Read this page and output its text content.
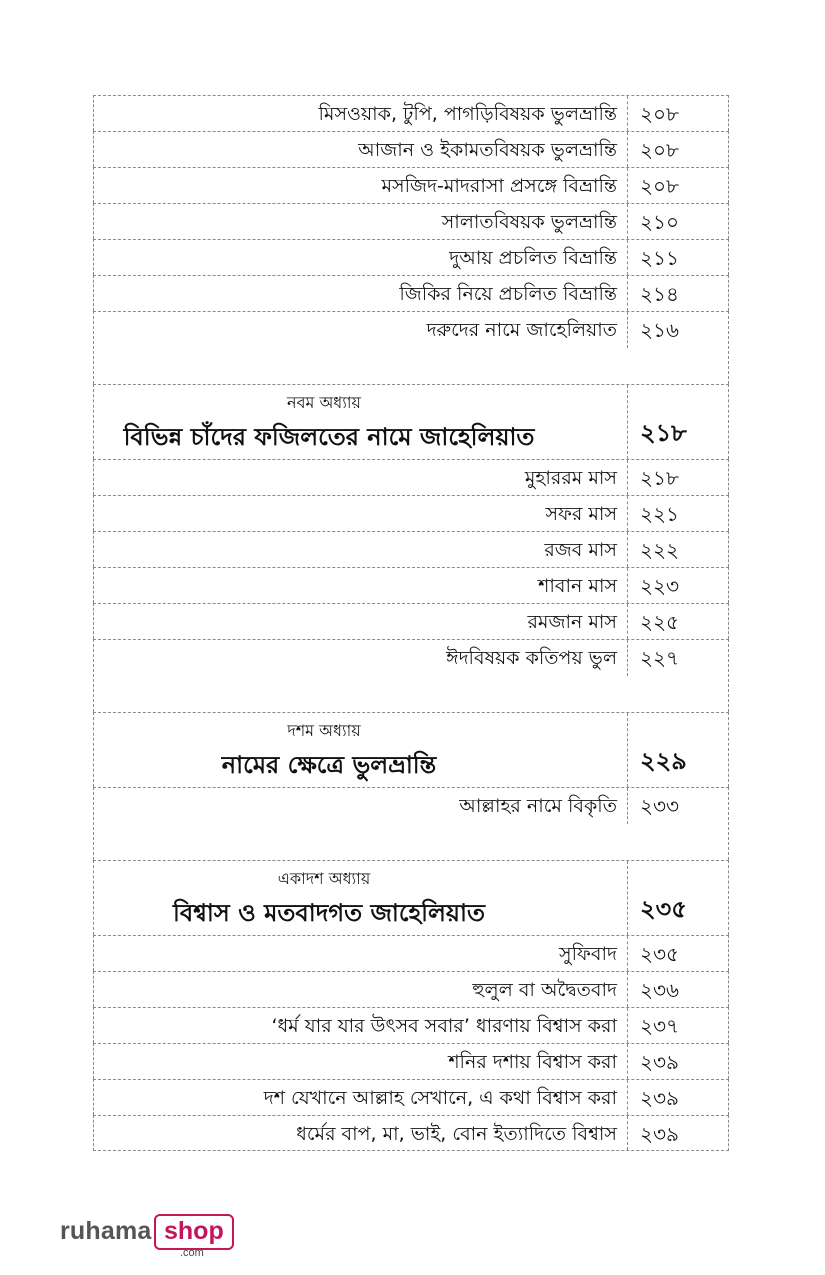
মিসওয়াক, টুপি, পাগড়িবিষয়ক ভুলভ্রান্তি	২০৮
আজান ও ইকামতবিষয়ক ভুলভ্রান্তি	২০৮
মসজিদ-মাদরাসা প্রসঙ্গে বিভ্রান্তি	২০৮
সালাতবিষয়ক ভুলভ্রান্তি	২১০
দুআয় প্রচলিত বিভ্রান্তি	২১১
জিকির নিয়ে প্রচলিত বিভ্রান্তি	২১৪
দরুদের নামে জাহেলিয়াত	২১৬
নবম অধ্যায়
বিভিন্ন চাঁদের ফজিলতের নামে জাহেলিয়াত	২১৮
মুহাররম মাস	২১৮
সফর মাস	২২১
রজব মাস	২২২
শাবান মাস	২২৩
রমজান মাস	২২৫
ঈদবিষয়ক কতিপয় ভুল	২২৭
দশম অধ্যায়
নামের ক্ষেত্রে ভুলভ্রান্তি	২২৯
আল্লাহর নামে বিকৃতি	২৩৩
একাদশ অধ্যায়
বিশ্বাস ও মতবাদগত জাহেলিয়াত	২৩৫
সুফিবাদ	২৩৫
হুলুল বা অদ্বৈতবাদ	২৩৬
‘ধর্ম যার যার উৎসব সবার’ ধারণায় বিশ্বাস করা	২৩৭
শনির দশায় বিশ্বাস করা	২৩৯
দশ যেখানে আল্লাহ সেখানে, এ কথা বিশ্বাস করা	২৩৯
ধর্মের বাপ, মা, ভাই, বোন ইত্যাদিতে বিশ্বাস	২৩৯
ruhama shop
.com
